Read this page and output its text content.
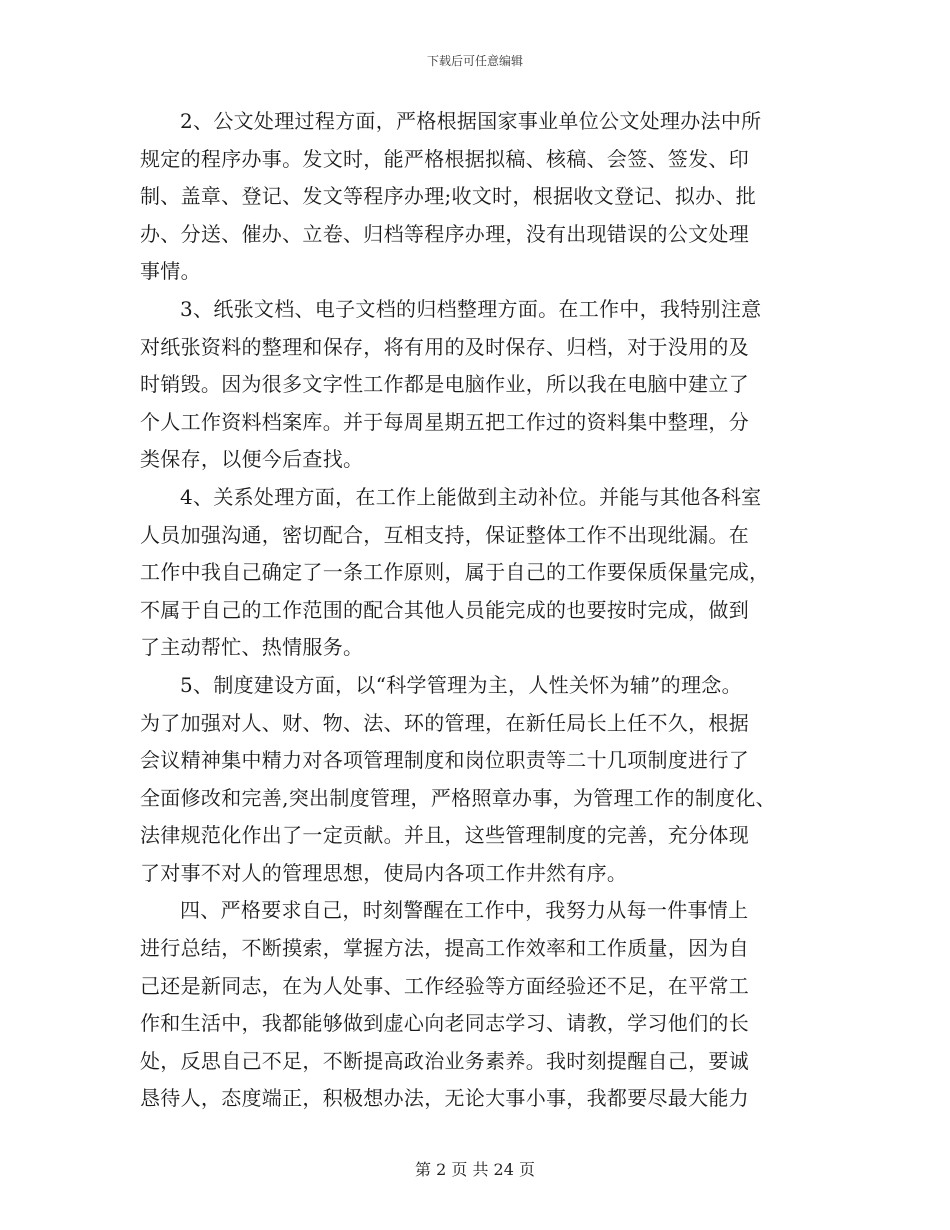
下载后可任意编辑
2、公文处理过程方面，严格根据国家事业单位公文处理办法中所
规定的程序办事。发文时，能严格根据拟稿、核稿、会签、签发、印
制、盖章、登记、发文等程序办理;收文时，根据收文登记、拟办、批
办、分送、催办、立卷、归档等程序办理，没有出现错误的公文处理
事情。
3、纸张文档、电子文档的归档整理方面。在工作中，我特别注意
对纸张资料的整理和保存，将有用的及时保存、归档，对于没用的及
时销毁。因为很多文字性工作都是电脑作业，所以我在电脑中建立了
个人工作资料档案库。并于每周星期五把工作过的资料集中整理，分
类保存，以便今后查找。
4、关系处理方面，在工作上能做到主动补位。并能与其他各科室
人员加强沟通，密切配合，互相支持，保证整体工作不出现纰漏。在
工作中我自己确定了一条工作原则，属于自己的工作要保质保量完成，
不属于自己的工作范围的配合其他人员能完成的也要按时完成，做到
了主动帮忙、热情服务。
5、制度建设方面，以“科学管理为主，人性关怀为辅”的理念。
为了加强对人、财、物、法、环的管理，在新任局长上任不久，根据
会议精神集中精力对各项管理制度和岗位职责等二十几项制度进行了
全面修改和完善,突出制度管理，严格照章办事，为管理工作的制度化、
法律规范化作出了一定贡献。并且，这些管理制度的完善，充分体现
了对事不对人的管理思想，使局内各项工作井然有序。
四、严格要求自己，时刻警醒在工作中，我努力从每一件事情上
进行总结，不断摸索，掌握方法，提高工作效率和工作质量，因为自
己还是新同志，在为人处事、工作经验等方面经验还不足，在平常工
作和生活中，我都能够做到虚心向老同志学习、请教，学习他们的长
处，反思自己不足，不断提高政治业务素养。我时刻提醒自己，要诚
恳待人，态度端正，积极想办法，无论大事小事，我都要尽最大能力
第 2 页 共 24 页
